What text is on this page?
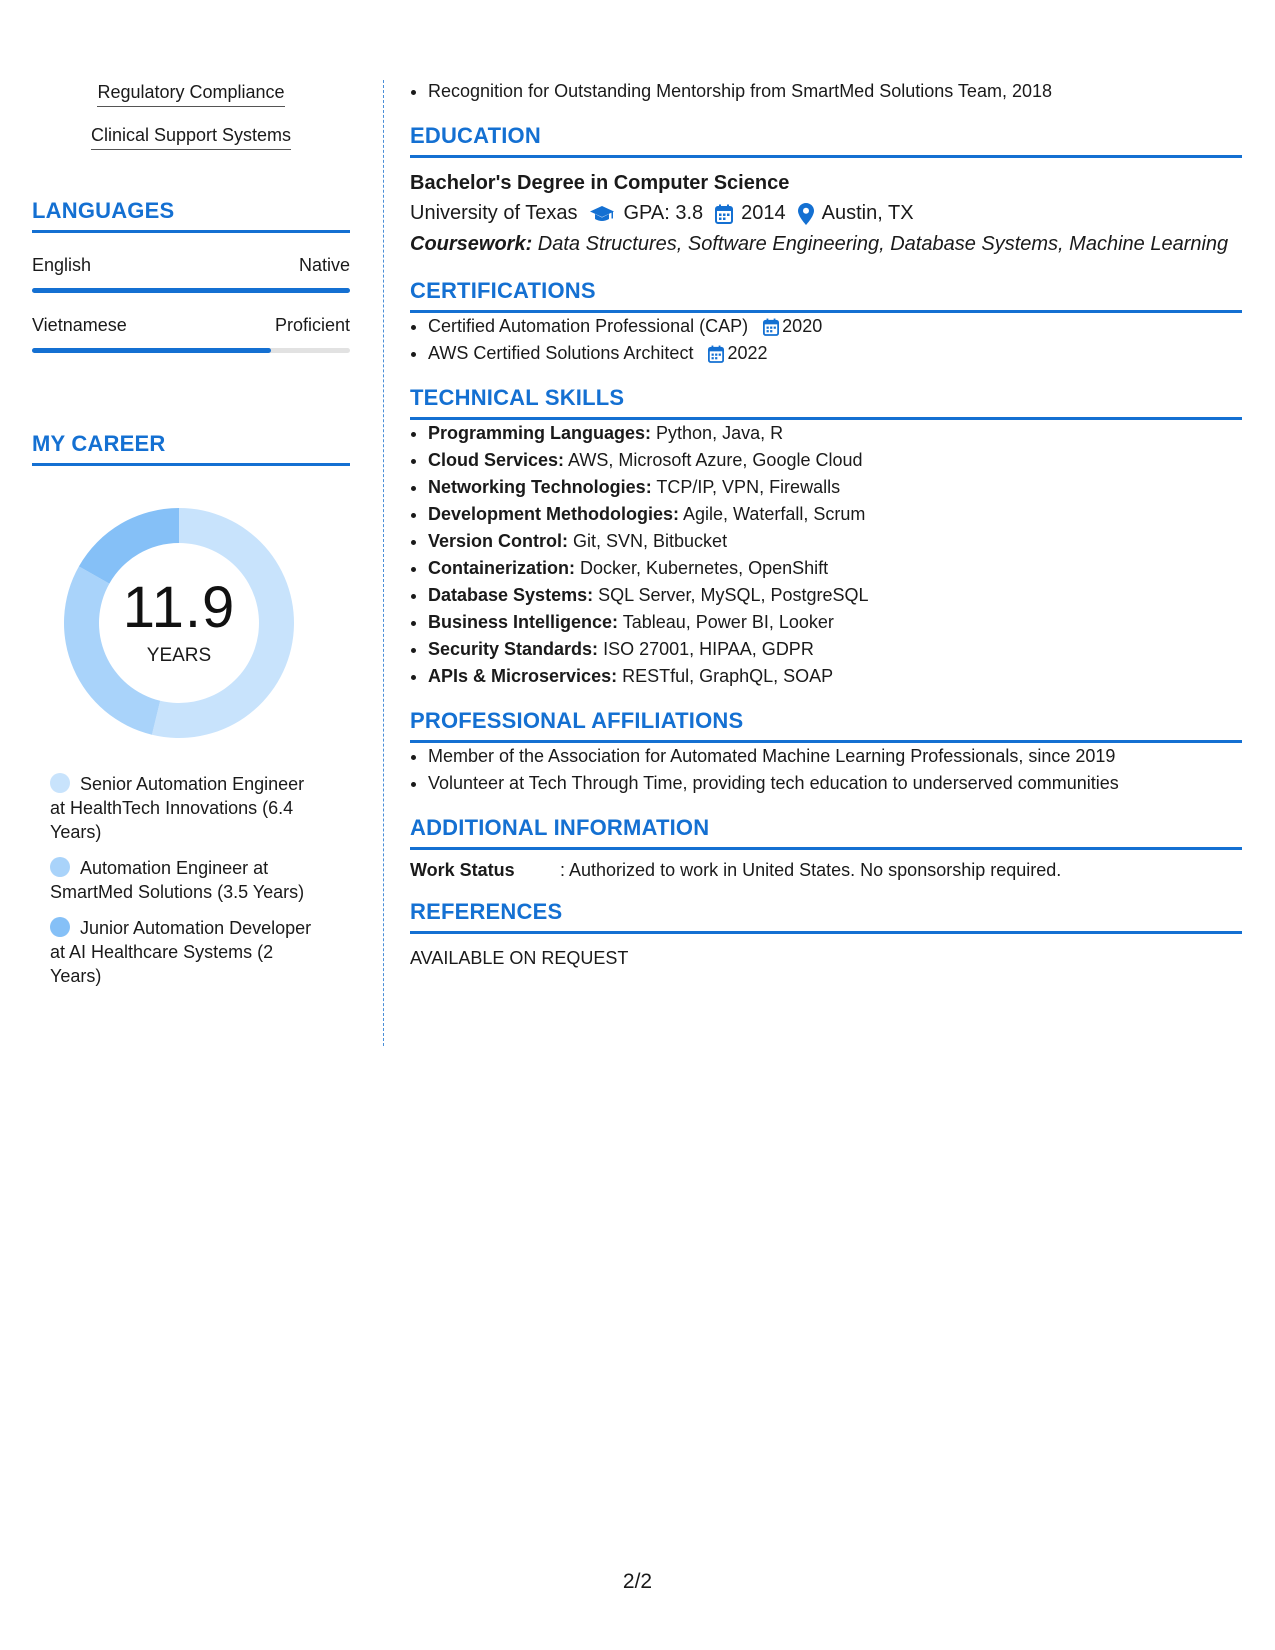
Regulatory Compliance
Clinical Support Systems
LANGUAGES
English	Native
Vietnamese	Proficient
MY CAREER
11.9
YEARS
Senior Automation Engineer at HealthTech Innovations (6.4 Years)
Automation Engineer at SmartMed Solutions (3.5 Years)
Junior Automation Developer at AI Healthcare Systems (2 Years)
• Recognition for Outstanding Mentorship from SmartMed Solutions Team, 2018
EDUCATION
Bachelor's Degree in Computer Science
University of Texas GPA: 3.8 2014 Austin, TX
Coursework: Data Structures, Software Engineering, Database Systems, Machine Learning
CERTIFICATIONS
• Certified Automation Professional (CAP) 2020
• AWS Certified Solutions Architect 2022
TECHNICAL SKILLS
• Programming Languages: Python, Java, R
• Cloud Services: AWS, Microsoft Azure, Google Cloud
• Networking Technologies: TCP/IP, VPN, Firewalls
• Development Methodologies: Agile, Waterfall, Scrum
• Version Control: Git, SVN, Bitbucket
• Containerization: Docker, Kubernetes, OpenShift
• Database Systems: SQL Server, MySQL, PostgreSQL
• Business Intelligence: Tableau, Power BI, Looker
• Security Standards: ISO 27001, HIPAA, GDPR
• APIs & Microservices: RESTful, GraphQL, SOAP
PROFESSIONAL AFFILIATIONS
• Member of the Association for Automated Machine Learning Professionals, since 2019
• Volunteer at Tech Through Time, providing tech education to underserved communities
ADDITIONAL INFORMATION
Work Status	: Authorized to work in United States. No sponsorship required.
REFERENCES
AVAILABLE ON REQUEST
2/2
